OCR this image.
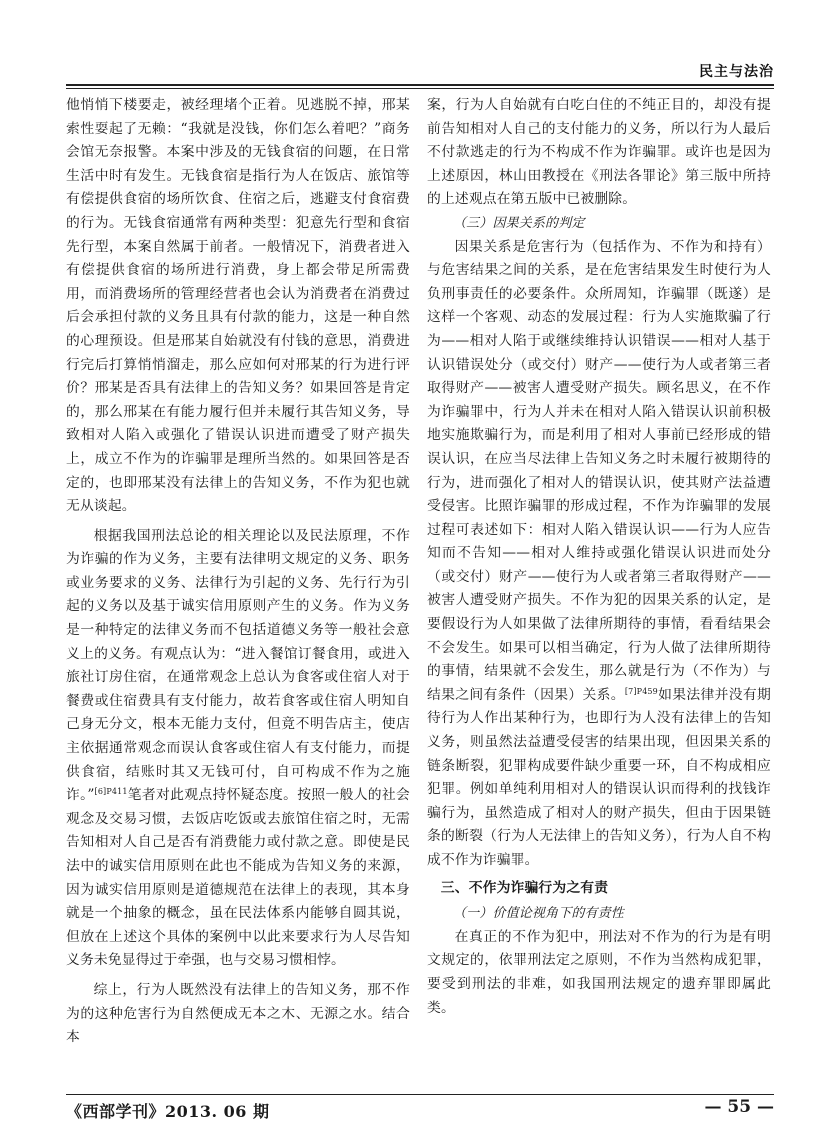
民主与法治

他悄悄下楼要走，被经理堵个正着。见逃脱不掉，邢某索性耍起了无赖：“我就是没钱，你们怎么着吧？”商务会馆无奈报警。本案中涉及的无钱食宿的问题，在日常生活中时有发生。无钱食宿是指行为人在饭店、旅馆等有偿提供食宿的场所饮食、住宿之后，逃避支付食宿费的行为。无钱食宿通常有两种类型：犯意先行型和食宿先行型，本案自然属于前者。一般情况下，消费者进入有偿提供食宿的场所进行消费，身上都会带足所需费用，而消费场所的管理经营者也会认为消费者在消费过后会承担付款的义务且具有付款的能力，这是一种自然的心理预设。但是邢某自始就没有付钱的意思，消费进行完后打算悄悄溜走，那么应如何对邢某的行为进行评价？邢某是否具有法律上的告知义务？如果回答是肯定的，那么邢某在有能力履行但并未履行其告知义务，导致相对人陷入或强化了错误认识进而遭受了财产损失上，成立不作为的诈骗罪是理所当然的。如果回答是否定的，也即邢某没有法律上的告知义务，不作为犯也就无从谈起。

根据我国刑法总论的相关理论以及民法原理，不作为诈骗的作为义务，主要有法律明文规定的义务、职务或业务要求的义务、法律行为引起的义务、先行行为引起的义务以及基于诚实信用原则产生的义务。作为义务是一种特定的法律义务而不包括道德义务等一般社会意义上的义务。有观点认为：“进入餐馆订餐食用，或进入旅社订房住宿，在通常观念上总认为食客或住宿人对于餐费或住宿费具有支付能力，故若食客或住宿人明知自己身无分文，根本无能力支付，但竟不明告店主，使店主依据通常观念而误认食客或住宿人有支付能力，而提供食宿，结账时其又无钱可付，自可构成不作为之施诈。”$^{[6]P411}$笔者对此观点持怀疑态度。按照一般人的社会观念及交易习惯，去饭店吃饭或去旅馆住宿之时，无需告知相对人自己是否有消费能力或付款之意。即使是民法中的诚实信用原则在此也不能成为告知义务的来源，因为诚实信用原则是道德规范在法律上的表现，其本身就是一个抽象的概念，虽在民法体系内能够自圆其说，但放在上述这个具体的案例中以此来要求行为人尽告知义务未免显得过于牵强，也与交易习惯相悖。

综上，行为人既然没有法律上的告知义务，那不作为的这种危害行为自然便成无本之木、无源之水。结合本

案，行为人自始就有白吃白住的不纯正目的，却没有提前告知相对人自己的支付能力的义务，所以行为人最后不付款逃走的行为不构成不作为诈骗罪。或许也是因为上述原因，林山田教授在《刑法各罪论》第三版中所持的上述观点在第五版中已被删除。

（三）因果关系的判定

因果关系是危害行为（包括作为、不作为和持有）与危害结果之间的关系，是在危害结果发生时使行为人负刑事责任的必要条件。众所周知，诈骗罪（既遂）是这样一个客观、动态的发展过程：行为人实施欺骗了行为——相对人陷于或继续维持认识错误——相对人基于认识错误处分（或交付）财产——使行为人或者第三者取得财产——被害人遭受财产损失。顾名思义，在不作为诈骗罪中，行为人并未在相对人陷入错误认识前积极地实施欺骗行为，而是利用了相对人事前已经形成的错误认识，在应当尽法律上告知义务之时未履行被期待的行为，进而强化了相对人的错误认识，使其财产法益遭受侵害。比照诈骗罪的形成过程，不作为诈骗罪的发展过程可表述如下：相对人陷入错误认识——行为人应告知而不告知——相对人维持或强化错误认识进而处分（或交付）财产——使行为人或者第三者取得财产——被害人遭受财产损失。不作为犯的因果关系的认定，是要假设行为人如果做了法律所期待的事情，看看结果会不会发生。如果可以相当确定，行为人做了法律所期待的事情，结果就不会发生，那么就是行为（不作为）与结果之间有条件（因果）关系。$^{[7]P459}$如果法律并没有期待行为人作出某种行为，也即行为人没有法律上的告知义务，则虽然法益遭受侵害的结果出现，但因果关系的链条断裂，犯罪构成要件缺少重要一环，自不构成相应犯罪。例如单纯利用相对人的错误认识而得利的找钱诈骗行为，虽然造成了相对人的财产损失，但由于因果链条的断裂（行为人无法律上的告知义务），行为人自不构成不作为诈骗罪。

三、不作为诈骗行为之有责
（一）价值论视角下的有责性

在真正的不作为犯中，刑法对不作为的行为是有明文规定的，依罪刑法定之原则，不作为当然构成犯罪，要受到刑法的非难，如我国刑法规定的遗弃罪即属此类。

《西部学刊》2013. 06 期	— 55 —
